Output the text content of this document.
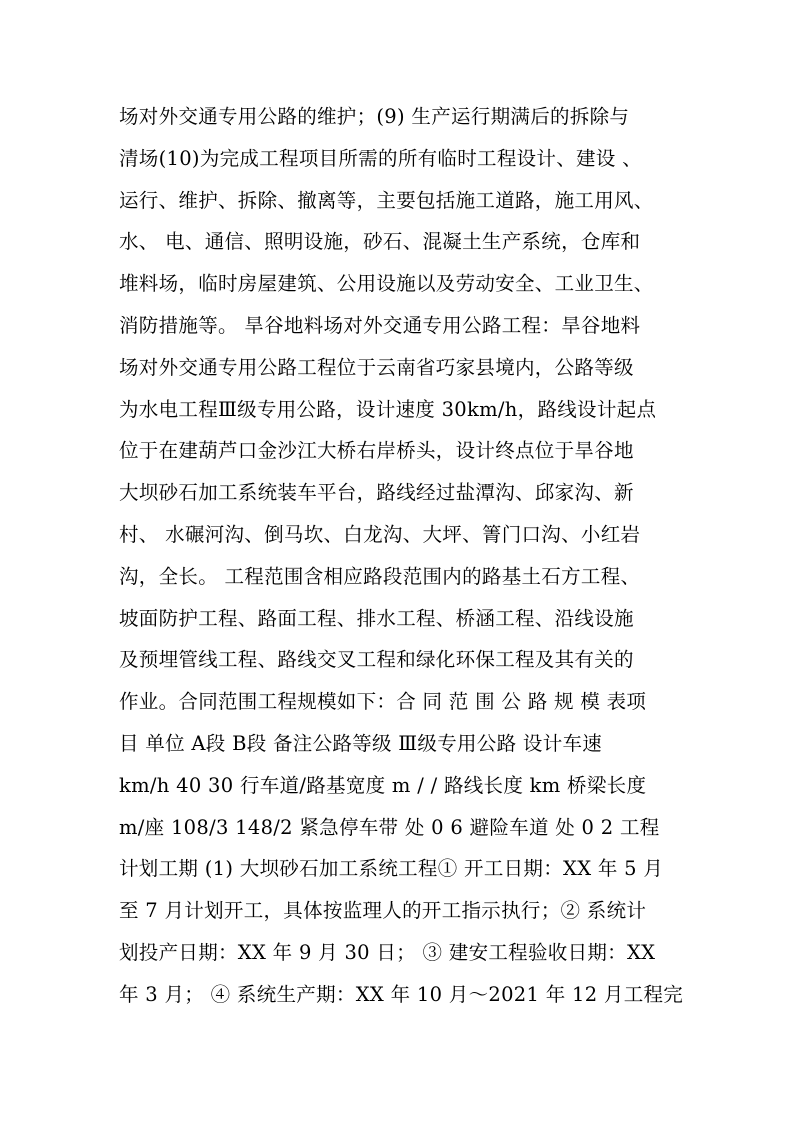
场对外交通专用公路的维护；(9) 生产运行期满后的拆除与
清场(10)为完成工程项目所需的所有临时工程设计、建设 、
运行、维护、拆除、撤离等，主要包括施工道路，施工用风、
水、 电、通信、照明设施，砂石、混凝土生产系统，仓库和
堆料场，临时房屋建筑、公用设施以及劳动安全、工业卫生、
消防措施等。 旱谷地料场对外交通专用公路工程：旱谷地料
场对外交通专用公路工程位于云南省巧家县境内，公路等级
为水电工程Ⅲ级专用公路，设计速度 30km/h，路线设计起点
位于在建葫芦口金沙江大桥右岸桥头，设计终点位于旱谷地
大坝砂石加工系统装车平台，路线经过盐潭沟、邱家沟、新
村、 水碾河沟、倒马坎、白龙沟、大坪、箐门口沟、小红岩
沟，全长。 工程范围含相应路段范围内的路基土石方工程、
坡面防护工程、路面工程、排水工程、桥涵工程、沿线设施
及预埋管线工程、路线交叉工程和绿化环保工程及其有关的
作业。合同范围工程规模如下：合 同 范 围 公 路 规 模 表项
目 单位 A段 B段 备注公路等级 Ⅲ级专用公路 设计车速
km/h 40 30 行车道/路基宽度 m / / 路线长度 km 桥梁长度
m/座 108/3 148/2 紧急停车带 处 0 6 避险车道 处 0 2 工程
计划工期 (1) 大坝砂石加工系统工程① 开工日期：XX 年 5 月
至 7 月计划开工，具体按监理人的开工指示执行；② 系统计
划投产日期：XX 年 9 月 30 日； ③ 建安工程验收日期：XX
年 3 月； ④ 系统生产期：XX 年 10 月～2021 年 12 月工程完
